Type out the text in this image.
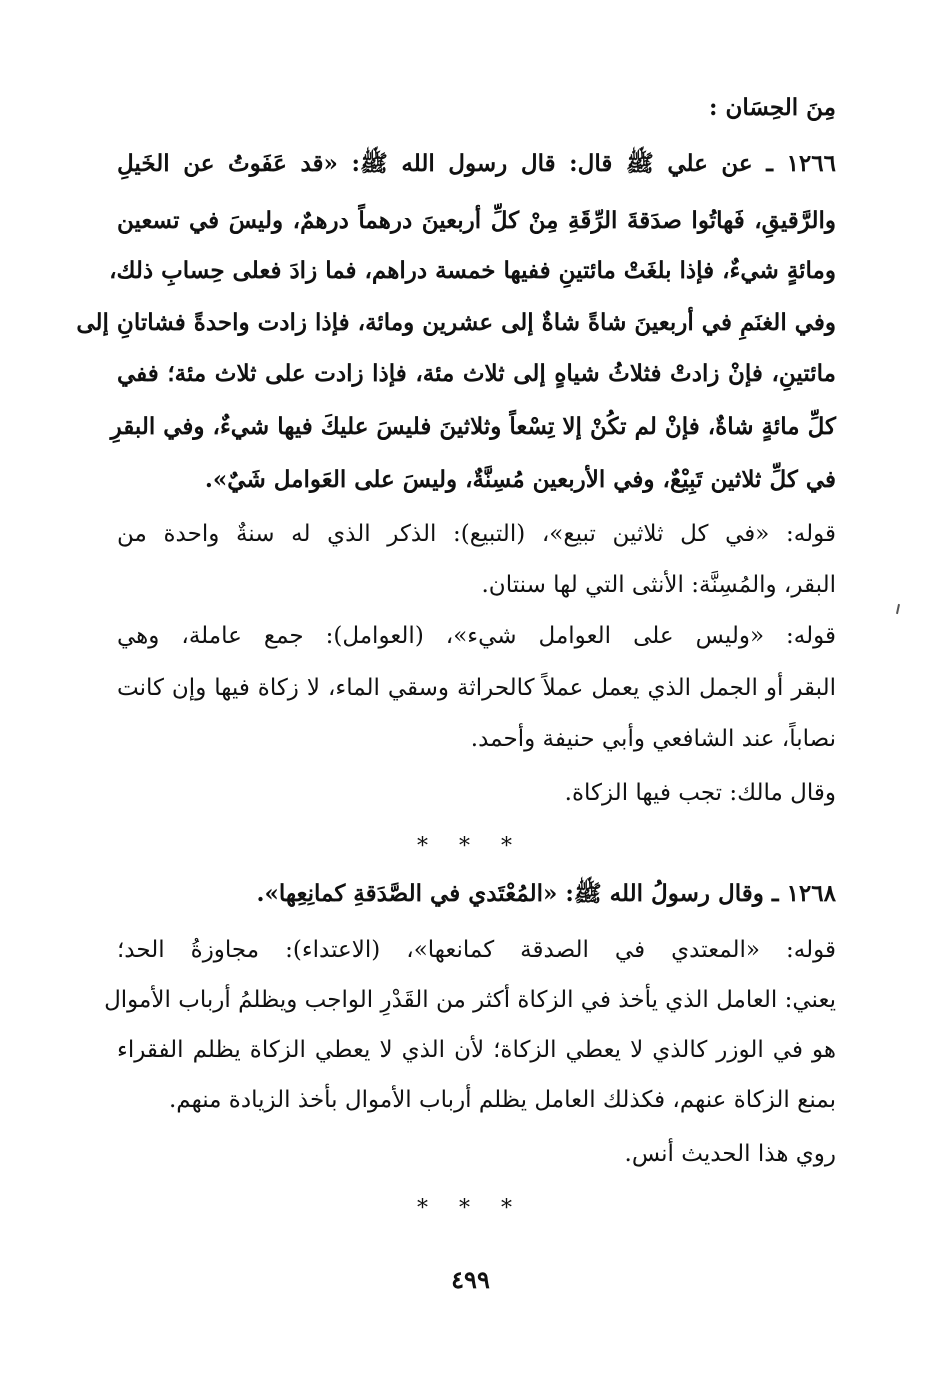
مِنَ الحِسَان :
١٢٦٦ ـ عن علي ﷺ قال: قال رسول الله ﷺ: «قد عَفَوتُ عن الخَيلِ
والرَّقيقِ، فَهاتُوا صدَقةَ الرِّقَةِ مِنْ كلِّ أربعينَ درهماً درهمٌ، وليسَ في تسعين
ومائةٍ شيءٌ، فإذا بلغَتْ مائتينِ ففيها خمسة دراهم، فما زادَ فعلى حِسابِ ذلك،
وفي الغنَمِ في أربعينَ شاةً شاةٌ إلى عشرين ومائة، فإذا زادت واحدةً فشاتانِ إلى
مائتينِ، فإنْ زادتْ فثلاثُ شياهٍ إلى ثلاث مئة، فإذا زادت على ثلاث مئة؛ ففي
كلِّ مائةٍ شاةٌ، فإنْ لم تكُنْ إلا تِسْعاً وثلاثينَ فليسَ عليكَ فيها شيءٌ، وفي البقرِ
في كلِّ ثلاثين تَبِيْعٌ، وفي الأربعين مُسِنَّةٌ، وليسَ على العَوامل شَيٌ».
قوله: «في كل ثلاثين تبيع»، (التبيع): الذكر الذي له سنةٌ واحدة من
البقر، والمُسِنَّة: الأنثى التي لها سنتان.
قوله: «وليس على العوامل شيء»، (العوامل): جمع عاملة، وهي
البقر أو الجمل الذي يعمل عملاً كالحراثة وسقي الماء، لا زكاة فيها وإن كانت
نصاباً، عند الشافعي وأبي حنيفة وأحمد.
وقال مالك: تجب فيها الزكاة.
* * *
١٢٦٨ ـ وقال رسولُ الله ﷺ: «المُعْتَدي في الصَّدَقةِ كمانِعِها».
قوله: «المعتدي في الصدقة كمانعها»، (الاعتداء): مجاوزةُ الحد؛
يعني: العامل الذي يأخذ في الزكاة أكثر من القَدْرِ الواجب ويظلمُ أرباب الأموال
هو في الوزر كالذي لا يعطي الزكاة؛ لأن الذي لا يعطي الزكاة يظلم الفقراء
بمنع الزكاة عنهم، فكذلك العامل يظلم أرباب الأموال بأخذ الزيادة منهم.
روي هذا الحديث أنس.
* * *
٤٩٩
